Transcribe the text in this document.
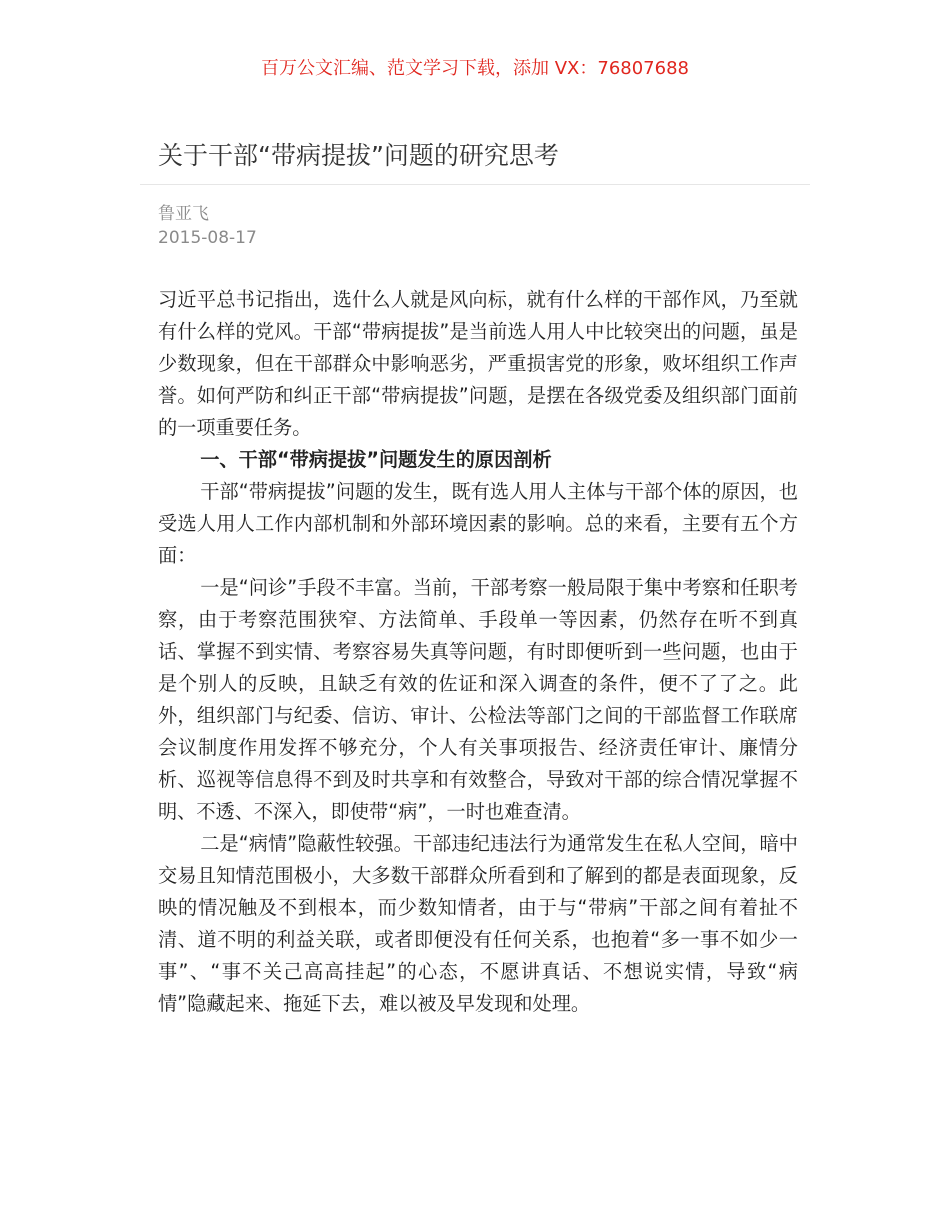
百万公文汇编、范文学习下载，添加 VX：76807688
关于干部“带病提拔”问题的研究思考
鲁亚飞
2015-08-17

习近平总书记指出，选什么人就是风向标，就有什么样的干部作风，乃至就有什么样的党风。干部“带病提拔”是当前选人用人中比较突出的问题，虽是少数现象，但在干部群众中影响恶劣，严重损害党的形象，败坏组织工作声誉。如何严防和纠正干部“带病提拔”问题，是摆在各级党委及组织部门面前的一项重要任务。

一、干部“带病提拔”问题发生的原因剖析

干部“带病提拔”问题的发生，既有选人用人主体与干部个体的原因，也受选人用人工作内部机制和外部环境因素的影响。总的来看，主要有五个方面：

一是“问诊”手段不丰富。当前，干部考察一般局限于集中考察和任职考察，由于考察范围狭窄、方法简单、手段单一等因素，仍然存在听不到真话、掌握不到实情、考察容易失真等问题，有时即便听到一些问题，也由于是个别人的反映，且缺乏有效的佐证和深入调查的条件，便不了了之。此外，组织部门与纪委、信访、审计、公检法等部门之间的干部监督工作联席会议制度作用发挥不够充分，个人有关事项报告、经济责任审计、廉情分析、巡视等信息得不到及时共享和有效整合，导致对干部的综合情况掌握不明、不透、不深入，即使带“病”，一时也难查清。

二是“病情”隐蔽性较强。干部违纪违法行为通常发生在私人空间，暗中交易且知情范围极小，大多数干部群众所看到和了解到的都是表面现象，反映的情况触及不到根本，而少数知情者，由于与“带病”干部之间有着扯不清、道不明的利益关联，或者即便没有任何关系，也抱着“多一事不如少一事”、“事不关己高高挂起”的心态，不愿讲真话、不想说实情，导致“病情”隐藏起来、拖延下去，难以被及早发现和处理。
